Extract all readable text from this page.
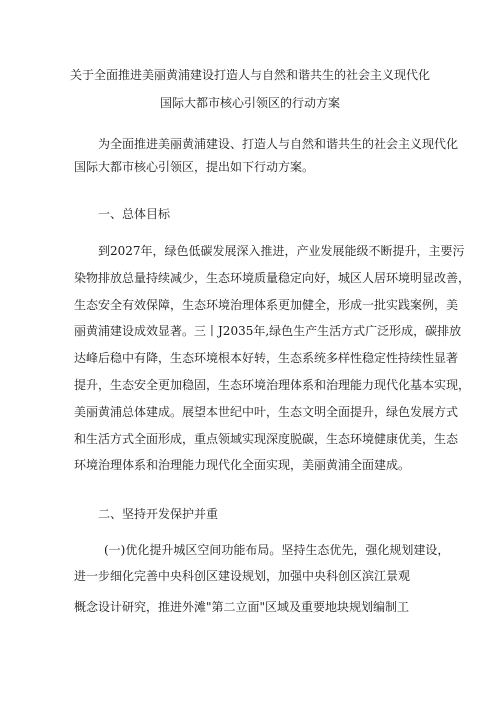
关于全面推进美丽黄浦建设打造人与自然和谐共生的社会主义现代化
国际大都市核心引领区的行动方案
为全面推进美丽黄浦建设、打造人与自然和谐共生的社会主义现代化
国际大都市核心引领区，提出如下行动方案。
一、总体目标
到2027年，绿色低碳发展深入推进，产业发展能级不断提升，主要污
染物排放总量持续减少，生态环境质量稳定向好，城区人居环境明显改善，
生态安全有效保障，生态环境治理体系更加健全，形成一批实践案例，美
丽黄浦建设成效显著。三丨J2035年,绿色生产生活方式广泛形成，碳排放
达峰后稳中有降，生态环境根本好转，生态系统多样性稳定性持续性显著
提升，生态安全更加稳固，生态环境治理体系和治理能力现代化基本实现，
美丽黄浦总体建成。展望本世纪中叶，生态文明全面提升，绿色发展方式
和生活方式全面形成，重点领域实现深度脱碳，生态环境健康优美，生态
环境治理体系和治理能力现代化全面实现，美丽黄浦全面建成。
二、坚持开发保护并重
(一)优化提升城区空间功能布局。坚持生态优先，强化规划建设，
进一步细化完善中央科创区建设规划，加强中央科创区滨江景观
概念设计研究，推进外滩"第二立面"区域及重要地块规划编制工
